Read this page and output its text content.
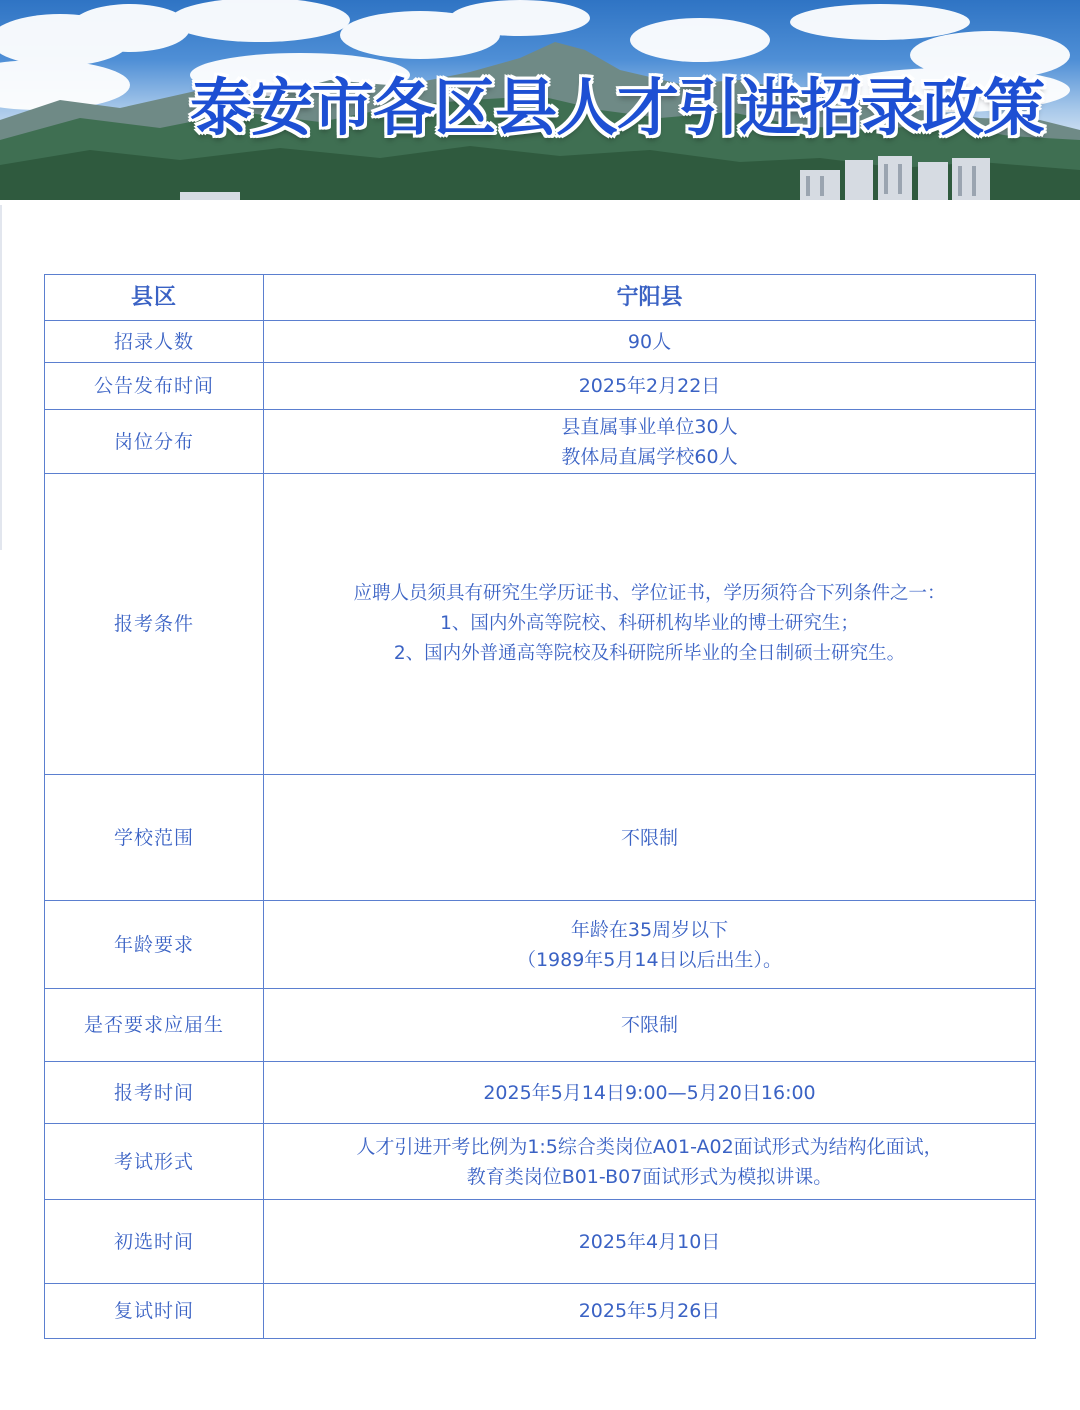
泰安市各区县人才引进招录政策
县区	宁阳县
招录人数	90人

公告发布时间	2025年2月22日

岗位分布	县直属事业单位30人
教体局直属学校60人

报考条件	应聘人员须具有研究生学历证书、学位证书，学历须符合下列条件之一：
1、国内外高等院校、科研机构毕业的博士研究生；
2、国内外普通高等院校及科研院所毕业的全日制硕士研究生。

学校范围	不限制

年龄要求	年龄在35周岁以下
（1989年5月14日以后出生）。

是否要求应届生	不限制

报考时间	2025年5月14日9:00—5月20日16:00

考试形式	人才引进开考比例为1:5综合类岗位A01-A02面试形式为结构化面试，
教育类岗位B01-B07面试形式为模拟讲课。

初选时间	2025年4月10日

复试时间	2025年5月26日
